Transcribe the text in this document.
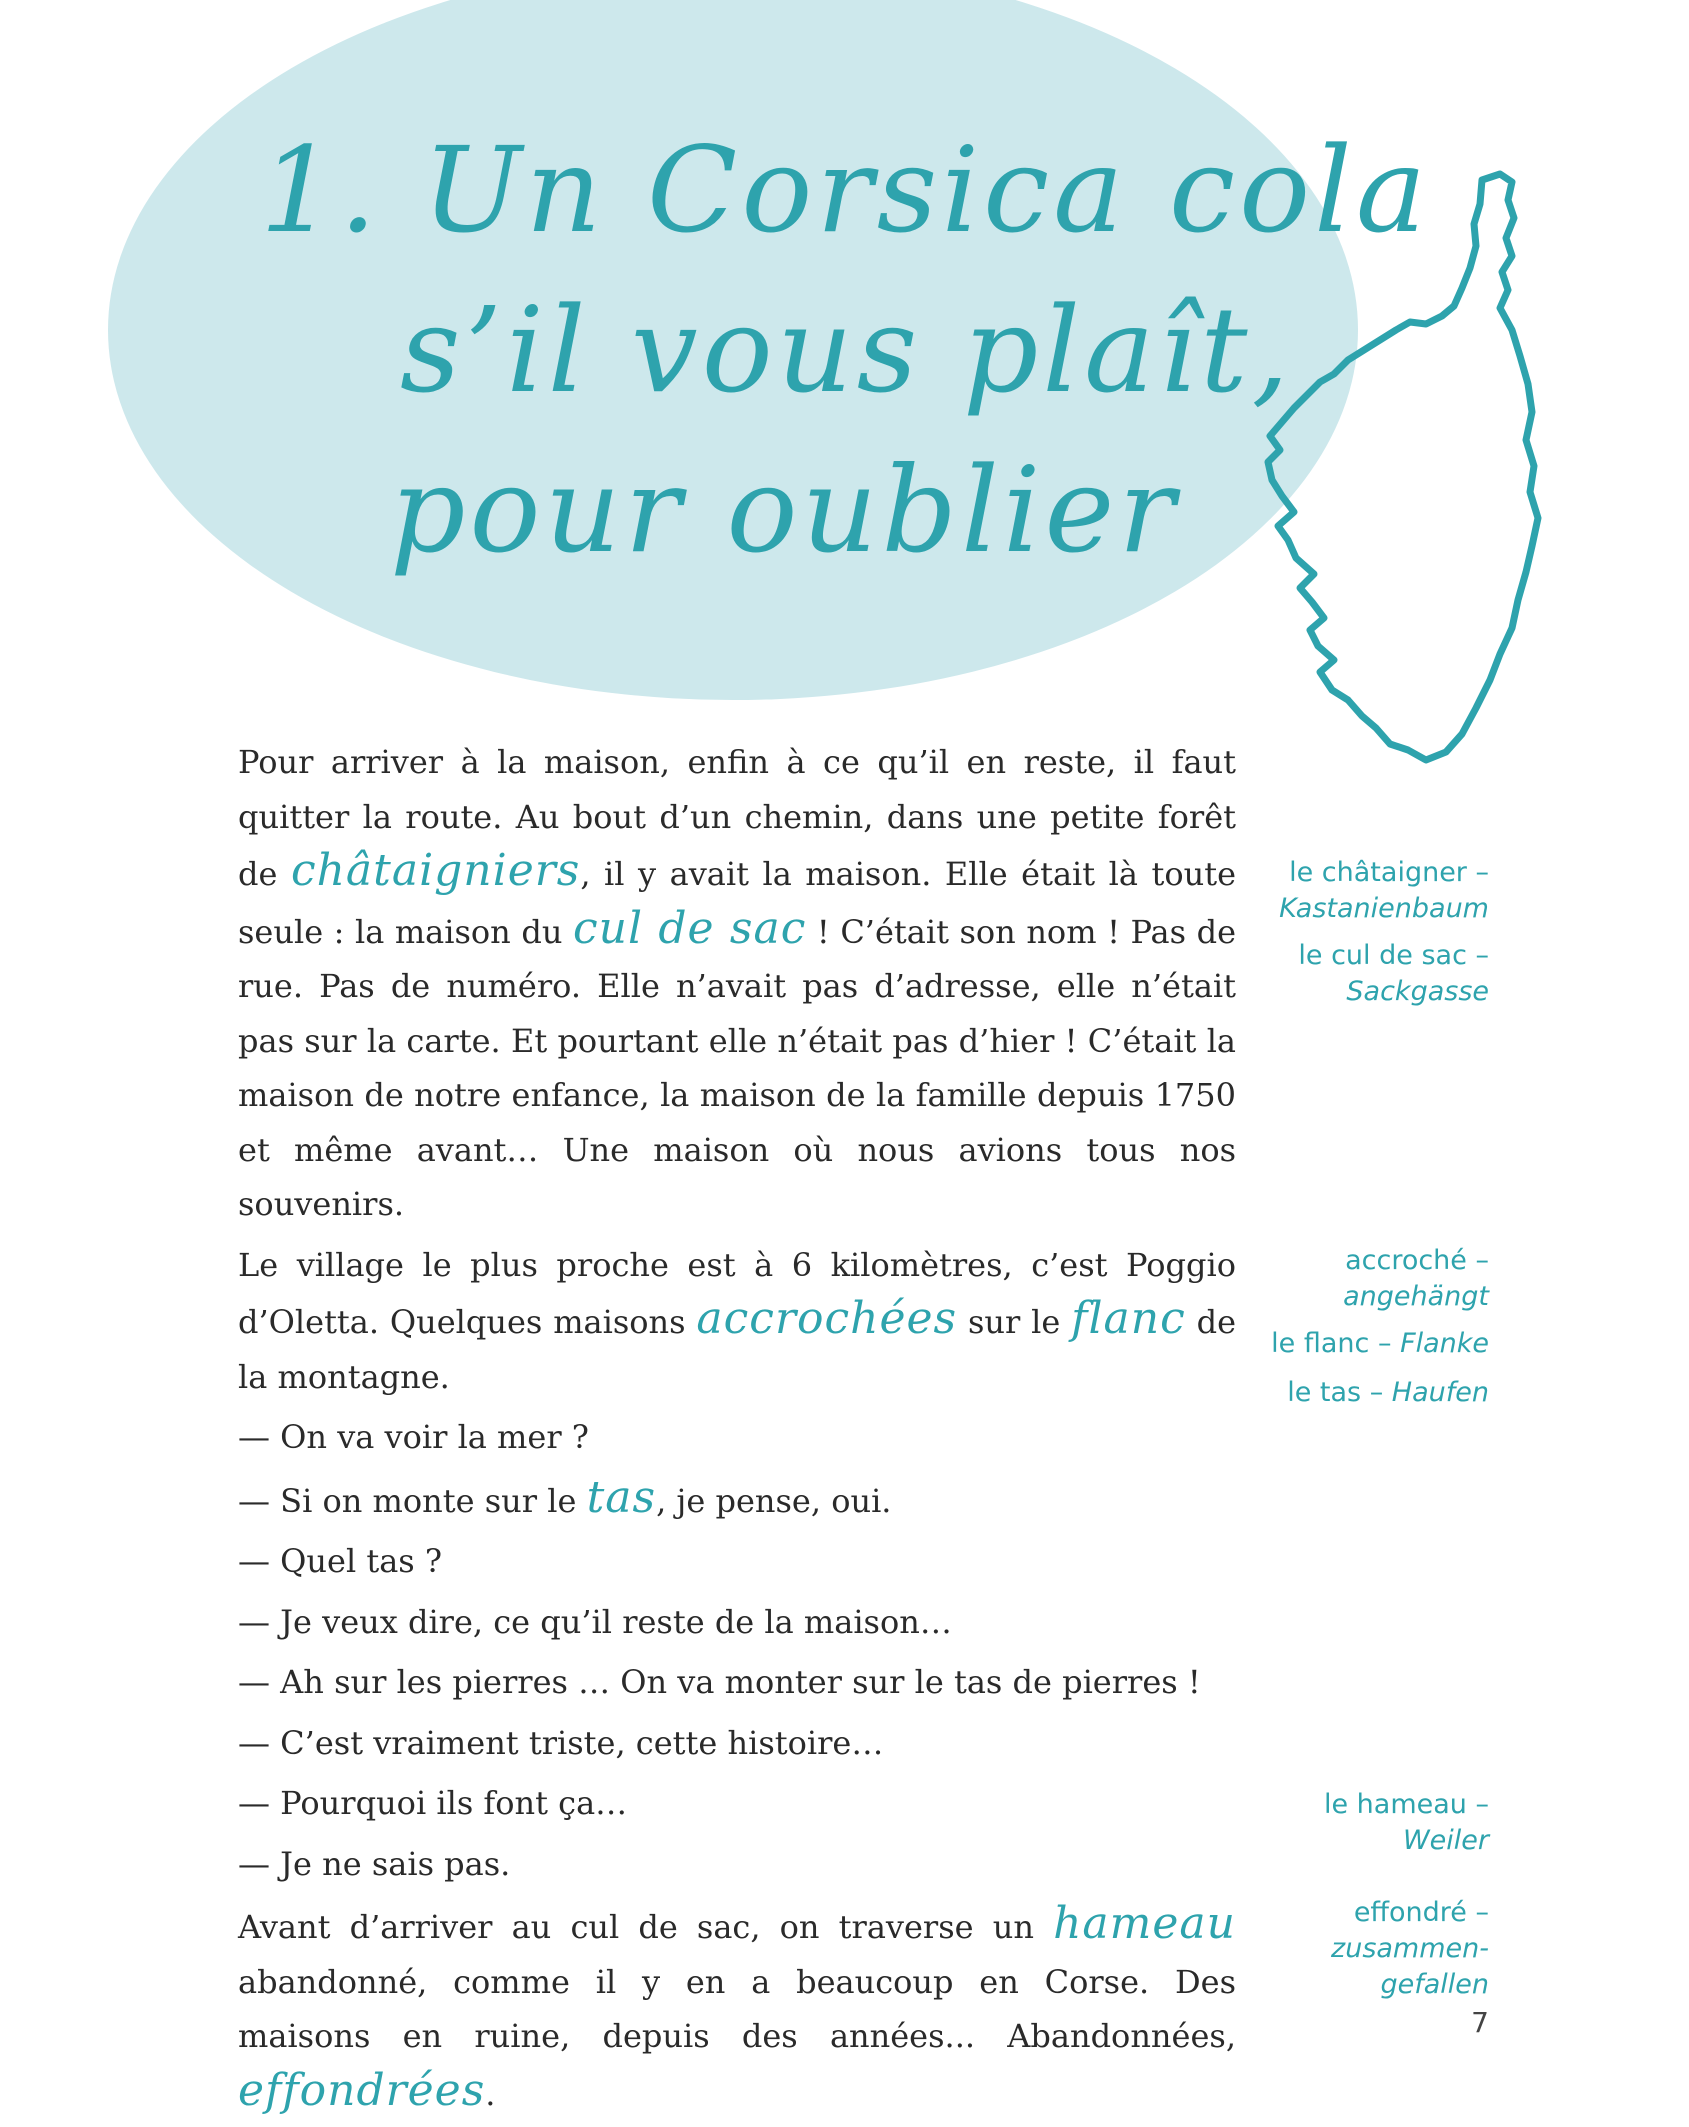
1. Un Corsica cola
s’il vous plaît,
pour oublier

Pour arriver à la maison, enfin à ce qu’il en reste, il faut quitter la route. Au bout d’un chemin, dans une petite forêt de châtaigniers, il y avait la maison. Elle était là toute seule : la maison du cul de sac ! C’était son nom ! Pas de rue. Pas de numéro. Elle n’avait pas d’adresse, elle n’était pas sur la carte. Et pourtant elle n’était pas d’hier ! C’était la maison de notre enfance, la maison de la famille depuis 1750 et même avant… Une maison où nous avions tous nos souvenirs.

Le village le plus proche est à 6 kilomètres, c’est Poggio d’Oletta. Quelques maisons accrochées sur le flanc de la montagne.

— On va voir la mer ?
— Si on monte sur le tas, je pense, oui.
— Quel tas ?
— Je veux dire, ce qu’il reste de la maison…
— Ah sur les pierres … On va monter sur le tas de pierres !
— C’est vraiment triste, cette histoire…
— Pourquoi ils font ça…
— Je ne sais pas.

Avant d’arriver au cul de sac, on traverse un hameau abandonné, comme il y en a beaucoup en Corse. Des maisons en ruine, depuis des années... Abandonnées, effondrées.

le châtaigner –
Kastanienbaum
le cul de sac –
Sackgasse
accroché –
angehängt
le flanc – Flanke
le tas – Haufen
le hameau –
Weiler
effondré –
zusammen-
gefallen
7
